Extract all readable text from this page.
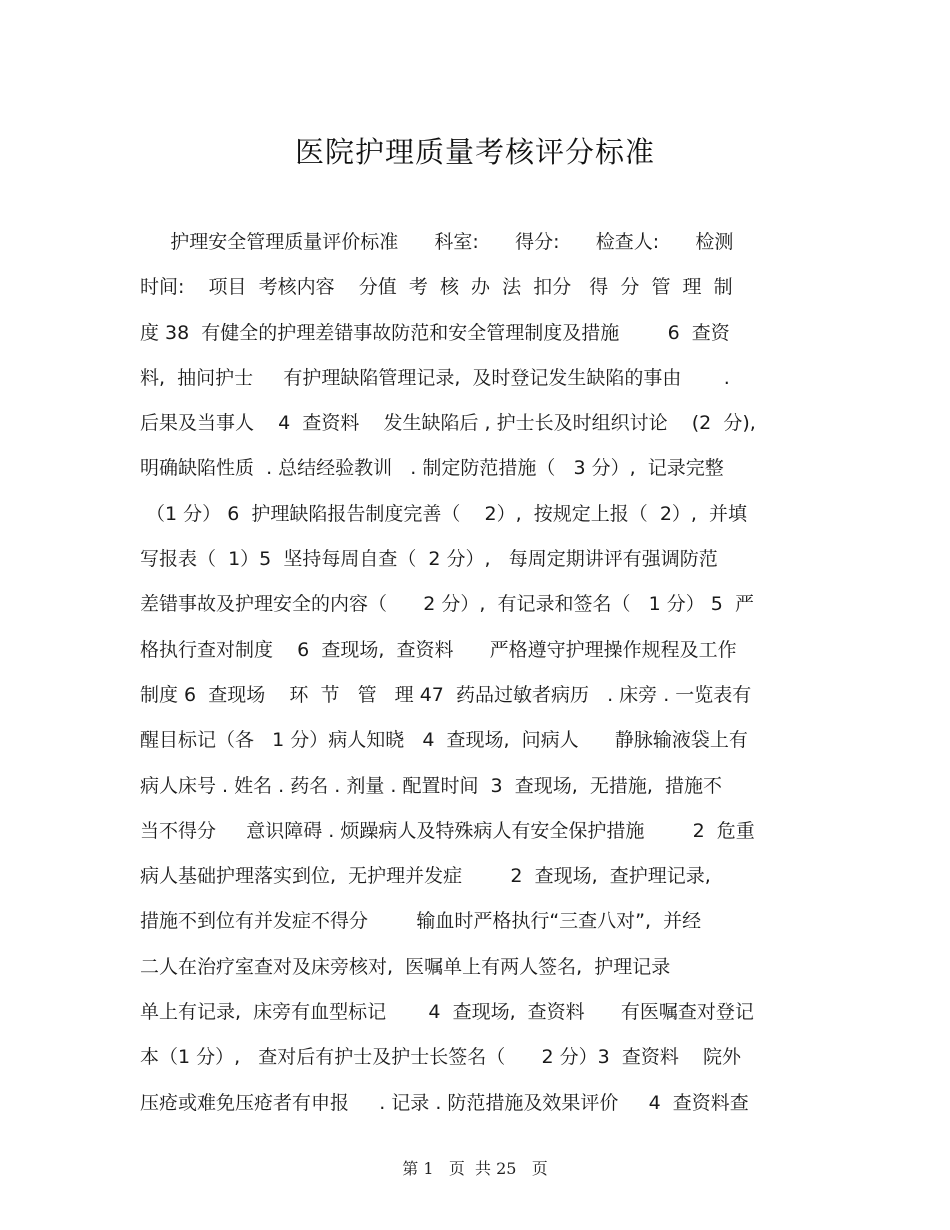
医院护理质量考核评分标准
护理安全管理质量评价标准      科室:      得分:      检查人:      检测
时间:    项目  考核内容    分值  考  核  办  法  扣分   得  分  管  理  制
度 38  有健全的护理差错事故防范和安全管理制度及措施        6  查资
料,  抽问护士     有护理缺陷管理记录,  及时登记发生缺陷的事由       .
后果及当事人    4  查资料    发生缺陷后 , 护士长及时组织讨论    (2  分),
明确缺陷性质  . 总结经验教训   . 制定防范措施（   3 分）,  记录完整
（1 分） 6  护理缺陷报告制度完善（    2）,  按规定上报（  2）,  并填
写报表（  1）5  坚持每周自查（  2 分）,   每周定期讲评有强调防范
差错事故及护理安全的内容（      2 分）,  有记录和签名（   1 分） 5  严
格执行查对制度    6  查现场,  查资料      严格遵守护理操作规程及工作
制度 6  查现场    环  节   管   理 47  药品过敏者病历   . 床旁 . 一览表有
醒目标记（各   1 分）病人知晓   4  查现场,  问病人      静脉输液袋上有
病人床号 . 姓名 . 药名 . 剂量 . 配置时间  3  查现场,  无措施,  措施不
当不得分     意识障碍 . 烦躁病人及特殊病人有安全保护措施        2  危重
病人基础护理落实到位,  无护理并发症        2  查现场,  查护理记录,
措施不到位有并发症不得分        输血时严格执行“三查八对”,  并经
二人在治疗室查对及床旁核对,  医嘱单上有两人签名,  护理记录
单上有记录,  床旁有血型标记       4  查现场,  查资料      有医嘱查对登记
本（1 分）,   查对后有护士及护士长签名（      2 分）3  查资料    院外
压疮或难免压疮者有申报     . 记录 . 防范措施及效果评价     4  查资料查
第 1   页  共 25   页
